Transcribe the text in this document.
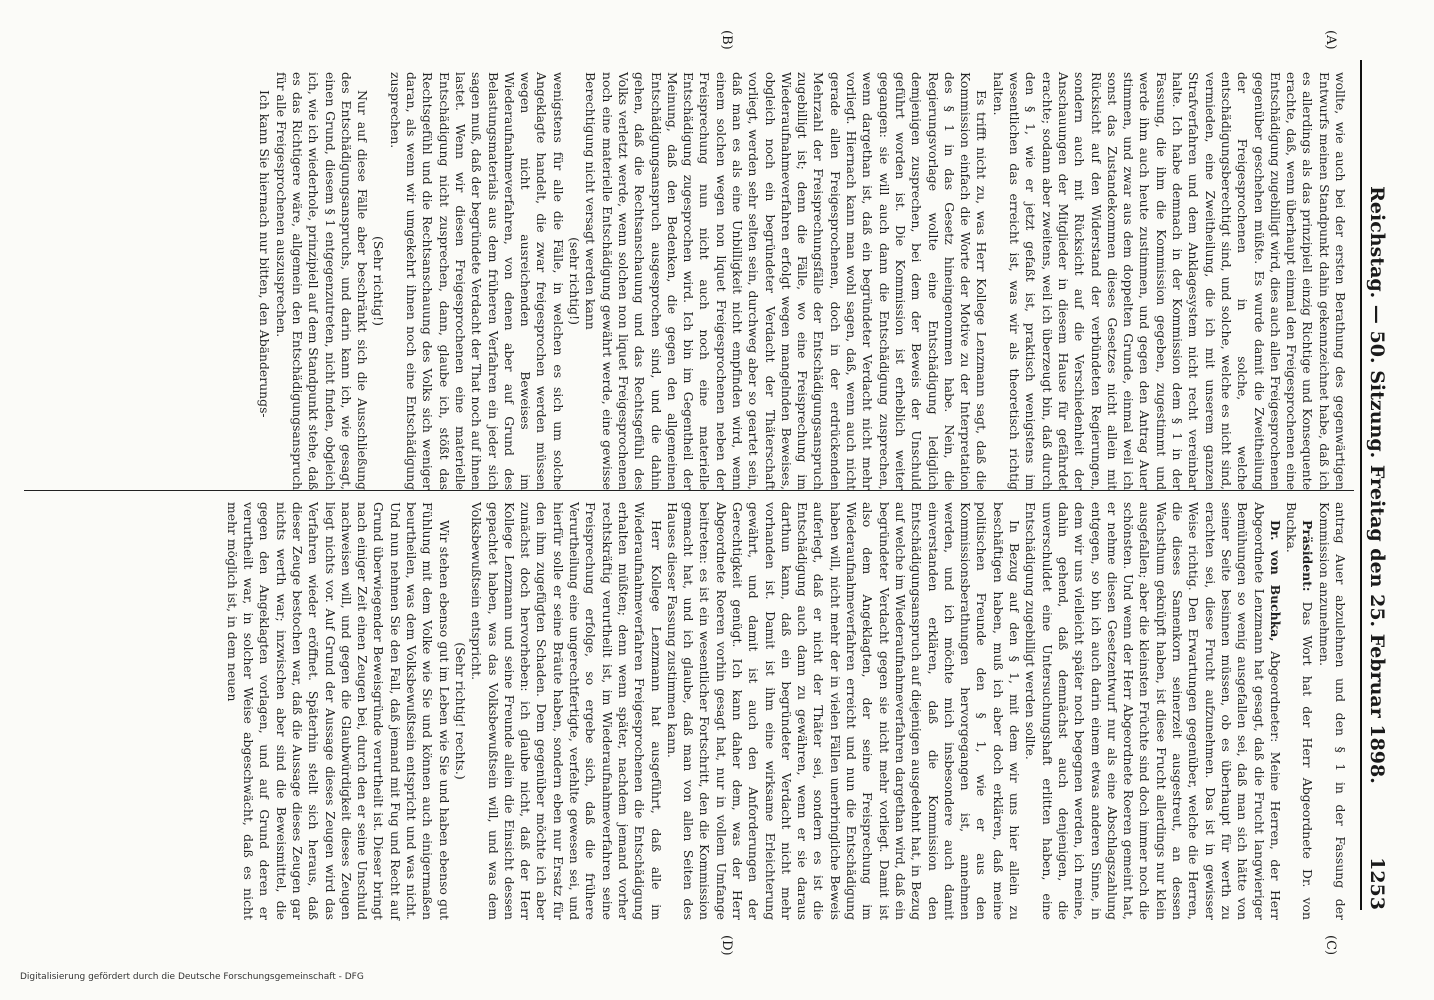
Reichstag. — 50. Sitzung. Freitag den 25. Februar 1898.
1253
(A)
(B)
(C)
(D)

wollte, wie auch bei der ersten Berathung des gegenwärtigen Entwurfs meinen Standpunkt dahin gekennzeichnet habe, daß ich es allerdings als das prinzipiell einzig Richtige und Konsequente erachte, daß, wenn überhaupt einmal den Freigesprochenen eine Entschädigung zugebilligt wird, dies auch allen Freigesprochenen gegenüber geschehen müßte. Es wurde damit die Zweitheilung der Freigesprochenen in solche, welche entschädigungsberechtigt sind, und solche, welche es nicht sind, vermieden, eine Zweitheilung, die ich mit unserem ganzen Strafverfahren und dem Anklagesystem nicht recht vereinbar halte. Ich habe demnach in der Kommission dem § 1 in der Fassung, die ihm die Kommission gegeben, zugestimmt und werde ihm auch heute zustimmen, und gegen den Antrag Auer stimmen, und zwar aus dem doppelten Grunde, einmal weil ich sonst das Zustandekommen dieses Gesetzes nicht allein mit Rücksicht auf den Widerstand der verbündeten Regierungen, sondern auch mit Rücksicht auf die Verschiedenheit der Anschauungen der Mitglieder in diesem Hause für gefährdet erachte; sodann aber zweitens, weil ich überzeugt bin, daß durch den § 1, wie er jetzt gefaßt ist, praktisch wenigstens im wesentlichen das erreicht ist, was wir als theoretisch richtig halten.

Es trifft nicht zu, was Herr Kollege Lenzmann sagt, daß die Kommission einfach die Worte der Motive zu der Interpretation des § 1 in das Gesetz hineingenommen habe. Nein, die Regierungsvorlage wollte eine Entschädigung lediglich demjenigen zusprechen, bei dem der Beweis der Unschuld geführt worden ist. Die Kommission ist erheblich weiter gegangen: sie will auch dann die Entschädigung zusprechen, wenn dargethan ist, daß ein begründeter Verdacht nicht mehr vorliegt. Hiernach kann man wohl sagen, daß, wenn auch nicht gerade allen Freigesprochenen, doch in der erdrückenden Mehrzahl der Freisprechungsfälle der Entschädigungsanspruch zugebilligt ist; denn die Fälle, wo eine Freisprechung im Wiederaufnahmeverfahren erfolgt wegen mangelnden Beweises, obgleich noch ein begründeter Verdacht der Thäterschaft vorliegt, werden sehr selten sein, durchweg aber so geartet sein, daß man es als eine Unbilligkeit nicht empfinden wird, wenn einem solchen wegen non liquet Freigesprochenen neben der Freisprechung nun nicht auch noch eine materielle Entschädigung zugesprochen wird. Ich bin im Gegentheil der Meinung, daß den Bedenken, die gegen den allgemeinen Entschädigungsanspruch ausgesprochen sind, und die dahin gehen, daß die Rechtsanschauung und das Rechtsgefühl des Volks verletzt werde, wenn solchen non liquet Freigesprochenen noch eine materielle Entschädigung gewährt werde, eine gewisse Berechtigung nicht versagt werden kann

(sehr richtig!)

wenigstens für alle die Fälle, in welchen es sich um solche Angeklagte handelt, die zwar freigesprochen werden müssen wegen nicht ausreichenden Beweises im Wiederaufnahmeverfahren, von denen aber auf Grund des Belastungsmaterials aus dem früheren Verfahren ein jeder sich sagen muß, daß der begründete Verdacht der That noch auf ihnen lastet. Wenn wir diesen Freigesprochenen eine materielle Entschädigung nicht zusprechen, dann, glaube ich, stößt das Rechtsgefühl und die Rechtsanschauung des Volks sich weniger daran, als wenn wir umgekehrt ihnen noch eine Entschädigung zusprechen.

(Sehr richtig!)

Nur auf diese Fälle aber beschränkt sich die Ausschließung des Entschädigungsanspruchs, und darin kann ich, wie gesagt, einen Grund, diesem § 1 entgegenzutreten, nicht finden, obgleich ich, wie ich wiederhole, prinzipiell auf dem Standpunkt stehe, daß es das Richtigere wäre, allgemein den Entschädigungsanspruch für alle Freigesprochenen auszusprechen.

Ich kann Sie hiernach nur bitten, den Abänderungs-

antrag Auer abzulehnen und den § 1 in der Fassung der Kommission anzunehmen.

Präsident: Das Wort hat der Herr Abgeordnete Dr. von Buchka.

Dr. von Buchka, Abgeordneter: Meine Herren, der Herr Abgeordnete Lenzmann hat gesagt, daß die Frucht langwieriger Bemühungen so wenig ausgefallen sei, daß man sich hätte von seiner Seite besinnen müssen, ob es überhaupt für werth zu erachten sei, diese Frucht aufzunehmen. Das ist in gewisser Weise richtig. Den Erwartungen gegenüber, welche die Herren, die dieses Samenkorn seinerzeit ausgestreut, an dessen Wachsthum geknüpft haben, ist diese Frucht allerdings nur klein ausgefallen; aber die kleinsten Früchte sind doch immer noch die schönsten. Und wenn der Herr Abgeordnete Roeren gemeint hat, er nehme diesen Gesetzentwurf nur als eine Abschlagszahlung entgegen, so bin ich auch darin einem etwas anderen Sinne, in dem wir uns vielleicht später noch begegnen werden, ich meine, dahin gehend, daß demnächst auch denjenigen, die unverschuldet eine Untersuchungshaft erlitten haben, eine Entschädigung zugebilligt werden sollte.

In Bezug auf den § 1, mit dem wir uns hier allein zu beschäftigen haben, muß ich aber doch erklären, daß meine politischen Freunde den § 1, wie er aus den Kommissionsberathungen hervorgegangen ist, annehmen werden, und ich möchte mich insbesondere auch damit einverstanden erklären, daß die Kommission den Entschädigungsanspruch auf diejenigen ausgedehnt hat, in Bezug auf welche im Wiederaufnahmeverfahren dargethan wird, daß ein begründeter Verdacht gegen sie nicht mehr vorliegt. Damit ist also dem Angeklagten, der seine Freisprechung im Wiederaufnahmeverfahren erreicht und nun die Entschädigung haben will, nicht mehr der in vielen Fällen unerbringliche Beweis auferlegt, daß er nicht der Thäter sei, sondern es ist die Entschädigung auch dann zu gewähren, wenn er sie daraus darthun kann, daß ein begründeter Verdacht nicht mehr vorhanden ist. Damit ist ihm eine wirksame Erleichterung gewährt, und damit ist auch den Anforderungen der Gerechtigkeit genügt. Ich kann daher dem, was der Herr Abgeordnete Roeren vorhin gesagt hat, nur in vollem Umfange beitreten: es ist ein wesentlicher Fortschritt, den die Kommission gemacht hat, und ich glaube, daß man von allen Seiten des Hauses dieser Fassung zustimmen kann.

Herr Kollege Lenzmann hat ausgeführt, daß alle im Wiederaufnahmeverfahren Freigesprochenen die Entschädigung erhalten müßten; denn wenn später, nachdem jemand vorher rechtskräftig verurtheilt ist, im Wiederaufnahmeverfahren seine Freisprechung erfolge, so ergebe sich, daß die frühere Verurtheilung eine ungerechtfertigte, verfehlte gewesen sei, und hierfür solle er seine Bräute haben, sondern eben nur Ersatz für den ihm zugefügten Schaden. Dem gegenüber möchte ich aber zunächst doch hervorheben: ich glaube nicht, daß der Herr Kollege Lenzmann und seine Freunde allein die Einsicht dessen gepachtet haben, was das Volksbewußtsein will, und was dem Volksbewußtsein entspricht.

(Sehr richtig! rechts.)

Wir stehen ebenso gut im Leben wie Sie und haben ebenso gut Fühlung mit dem Volke wie Sie und können auch einigermaßen beurtheilen, was dem Volksbewußtsein entspricht und was nicht. Und nun nehmen Sie den Fall, daß jemand mit Fug und Recht auf Grund überwiegender Beweisgründe verurtheilt ist. Dieser bringt nach einiger Zeit einen Zeugen bei, durch den er seine Unschuld nachweisen will, und gegen die Glaubwürdigkeit dieses Zeugen liegt nichts vor. Auf Grund der Aussage dieses Zeugen wird das Verfahren wieder eröffnet. Späterhin stellt sich heraus, daß dieser Zeuge bestochen war, daß die Aussage dieses Zeugen gar nichts werth war; inzwischen aber sind die Beweismittel, die gegen den Angeklagten vorlagen, und auf Grund deren er verurtheilt war, in solcher Weise abgeschwächt, daß es nicht mehr möglich ist, in dem neuen

Digitalisierung gefördert durch die Deutsche Forschungsgemeinschaft - DFG
